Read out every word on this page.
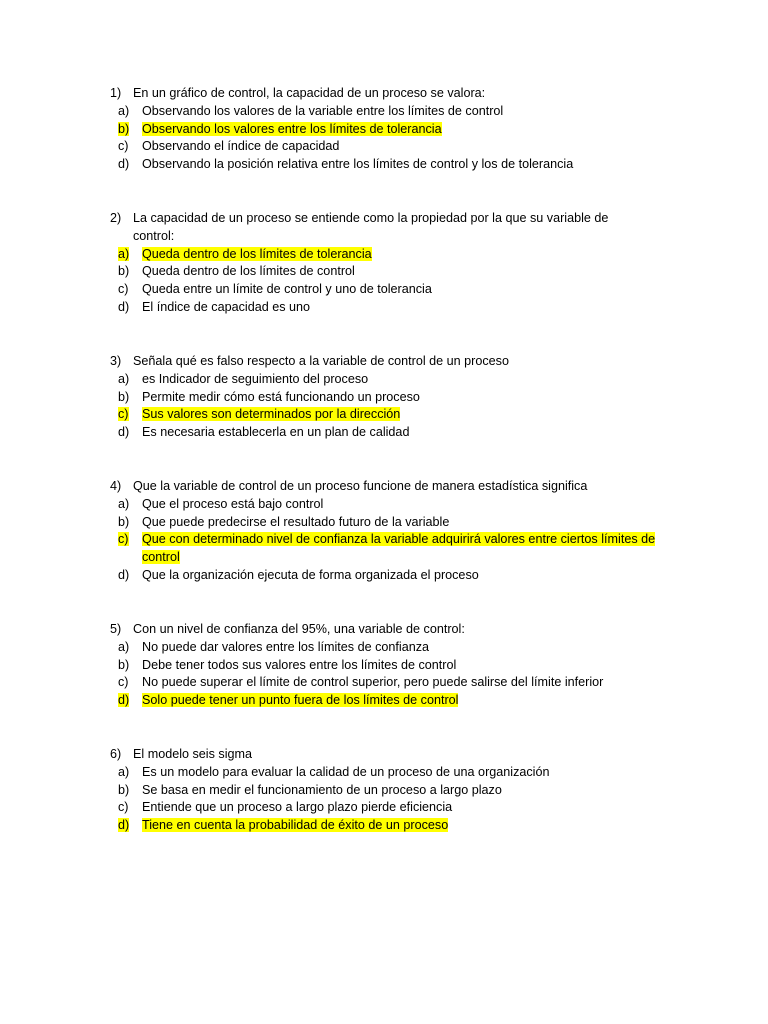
1) En un gráfico de control, la capacidad de un proceso se valora:
a)	Observando los valores de la variable entre los límites de control
b)	Observando los valores entre los límites de tolerancia
c)	Observando el índice de capacidad
d)	Observando la posición relativa entre los límites de control y los de tolerancia
2) La capacidad de un proceso se entiende como la propiedad por la que su variable de control:
a)	Queda dentro de los límites de tolerancia
b)	Queda dentro de los límites de control
c)	Queda entre un límite de control y uno de tolerancia
d)	El índice de capacidad es uno
3) Señala qué es falso respecto a la variable de control de un proceso
a)	es Indicador de seguimiento del proceso
b)	Permite medir cómo está funcionando un proceso
c)	Sus valores son determinados por la dirección
d)	Es necesaria establecerla en un plan de calidad
4) Que la variable de control de un proceso funcione de manera estadística significa
a)	Que el proceso está bajo control
b)	Que puede predecirse el resultado futuro de la variable
c)	Que con determinado nivel de confianza la variable adquirirá valores entre ciertos límites de control
d)	Que la organización ejecuta de forma organizada el proceso
5) Con un nivel de confianza del 95%, una variable de control:
a)	No puede dar valores entre los límites de confianza
b)	Debe tener todos sus valores entre los límites de control
c)	No puede superar el límite de control superior, pero puede salirse del límite inferior
d)	Solo puede tener un punto fuera de los límites de control
6) El modelo seis sigma
a)	Es un modelo para evaluar la calidad de un proceso de una organización
b)	Se basa en medir el funcionamiento de un proceso a largo plazo
c)	Entiende que un proceso a largo plazo pierde eficiencia
d)	Tiene en cuenta la probabilidad de éxito de un proceso
